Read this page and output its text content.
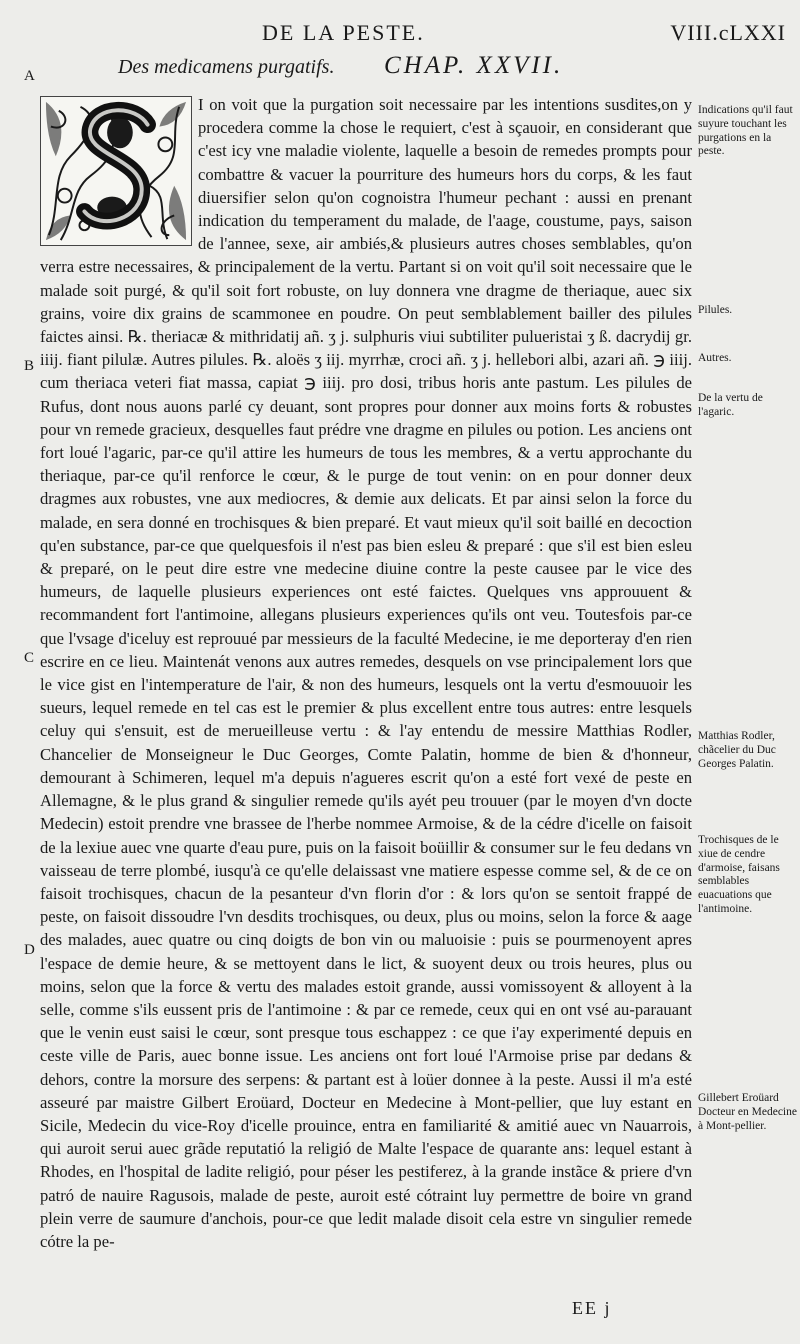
DE LA PESTE.	VIII.cLXXI
Des medicamens purgatifs. CHAP. XXVII.
A
B
C
D

I on voit que la purgation soit necessaire par les intentions susdites,on y procedera comme la chose le requiert, c'est à sçauoir, en considerant que c'est icy vne maladie violente, laquelle a besoin de remedes prompts pour combattre & vacuer la pourriture des humeurs hors du corps, & les faut diuersifier selon qu'on cognoistra l'humeur pechant : aussi en prenant indication du temperament du malade, de l'aage, coustume, pays, saison de l'annee, sexe, air ambiés,& plusieurs autres choses semblables, qu'on verra estre necessaires, & principalement de la vertu. Partant si on voit qu'il soit necessaire que le malade soit purgé, & qu'il soit fort robuste, on luy donnera vne dragme de theriaque, auec six grains, voire dix grains de scammonee en poudre. On peut semblablement bailler des pilules faictes ainsi. ℞. theriacæ & mithridatij añ. ʒ j. sulphuris viui subtiliter pulueristai ʒ ß. dacrydij gr. iiij. fiant pilulæ. Autres pilules. ℞. aloës ʒ iij. myrrhæ, croci añ. ʒ j. hellebori albi, azari añ. ℈ iiij. cum theriaca veteri fiat massa, capiat ℈ iiij. pro dosi, tribus horis ante pastum. Les pilules de Rufus, dont nous auons parlé cy deuant, sont propres pour donner aux moins forts & robustes pour vn remede gracieux, desquelles faut prédre vne dragme en pilules ou potion. Les anciens ont fort loué l'agaric, par-ce qu'il attire les humeurs de tous les membres, & a vertu approchante du theriaque, par-ce qu'il renforce le cœur, & le purge de tout venin: on en pour donner deux dragmes aux robustes, vne aux mediocres, & demie aux delicats. Et par ainsi selon la force du malade, en sera donné en trochisques & bien preparé. Et vaut mieux qu'il soit baillé en decoction qu'en substance, par-ce que quelquesfois il n'est pas bien esleu & preparé : que s'il est bien esleu & preparé, on le peut dire estre vne medecine diuine contre la peste causee par le vice des humeurs, de laquelle plusieurs experiences ont esté faictes. Quelques vns approuuent & recommandent fort l'antimoine, allegans plusieurs experiences qu'ils ont veu. Toutesfois par-ce que l'vsage d'iceluy est reprouué par messieurs de la faculté Medecine, ie me deporteray d'en rien escrire en ce lieu. Maintenát venons aux autres remedes, desquels on vse principalement lors que le vice gist en l'intemperature de l'air, & non des humeurs, lesquels ont la vertu d'esmouuoir les sueurs, lequel remede en tel cas est le premier & plus excellent entre tous autres: entre lesquels celuy qui s'ensuit, est de merueilleuse vertu : & l'ay entendu de messire Matthias Rodler, Chancelier de Monseigneur le Duc Georges, Comte Palatin, homme de bien & d'honneur, demourant à Schimeren, lequel m'a depuis n'agueres escrit qu'on a esté fort vexé de peste en Allemagne, & le plus grand & singulier remede qu'ils ayét peu trouuer (par le moyen d'vn docte Medecin) estoit prendre vne brassee de l'herbe nommee Armoise, & de la cédre d'icelle on faisoit de la lexiue auec vne quarte d'eau pure, puis on la faisoit boüillir & consumer sur le feu dedans vn vaisseau de terre plombé, iusqu'à ce qu'elle delaissast vne matiere espesse comme sel, & de ce on faisoit trochisques, chacun de la pesanteur d'vn florin d'or : & lors qu'on se sentoit frappé de peste, on faisoit dissoudre l'vn desdits trochisques, ou deux, plus ou moins, selon la force & aage des malades, auec quatre ou cinq doigts de bon vin ou maluoisie : puis se pourmenoyent apres l'espace de demie heure, & se mettoyent dans le lict, & suoyent deux ou trois heures, plus ou moins, selon que la force & vertu des malades estoit grande, aussi vomissoyent & alloyent à la selle, comme s'ils eussent pris de l'antimoine : & par ce remede, ceux qui en ont vsé au-parauant que le venin eust saisi le cœur, sont presque tous eschappez : ce que i'ay experimenté depuis en ceste ville de Paris, auec bonne issue. Les anciens ont fort loué l'Armoise prise par dedans & dehors, contre la morsure des serpens: & partant est à loüer donnee à la peste. Aussi il m'a esté asseuré par maistre Gilbert Eroüard, Docteur en Medecine à Mont-pellier, que luy estant en Sicile, Medecin du vice-Roy d'icelle prouince, entra en familiarité & amitié auec vn Nauarrois, qui auroit serui auec grãde reputatió la religió de Malte l'espace de quarante ans: lequel estant à Rhodes, en l'hospital de ladite religió, pour péser les pestiferez, à la grande instãce & priere d'vn patró de nauire Ragusois, malade de peste, auroit esté cótraint luy permettre de boire vn grand plein verre de saumure d'anchois, pour-ce que ledit malade disoit cela estre vn singulier remede cótre la pe-

Indications qu'il faut suyure touchant les purgations en la peste.
Pilules.
Autres.
De la vertu de l'agaric.
Matthias Rodler, chãcelier du Duc Georges Palatin.
Trochisques de le xiue de cendre d'armoise, faisans semblables euacuations que l'antimoine.
Gillebert Eroüard Docteur en Medecine à Mont-pellier.
EE j
